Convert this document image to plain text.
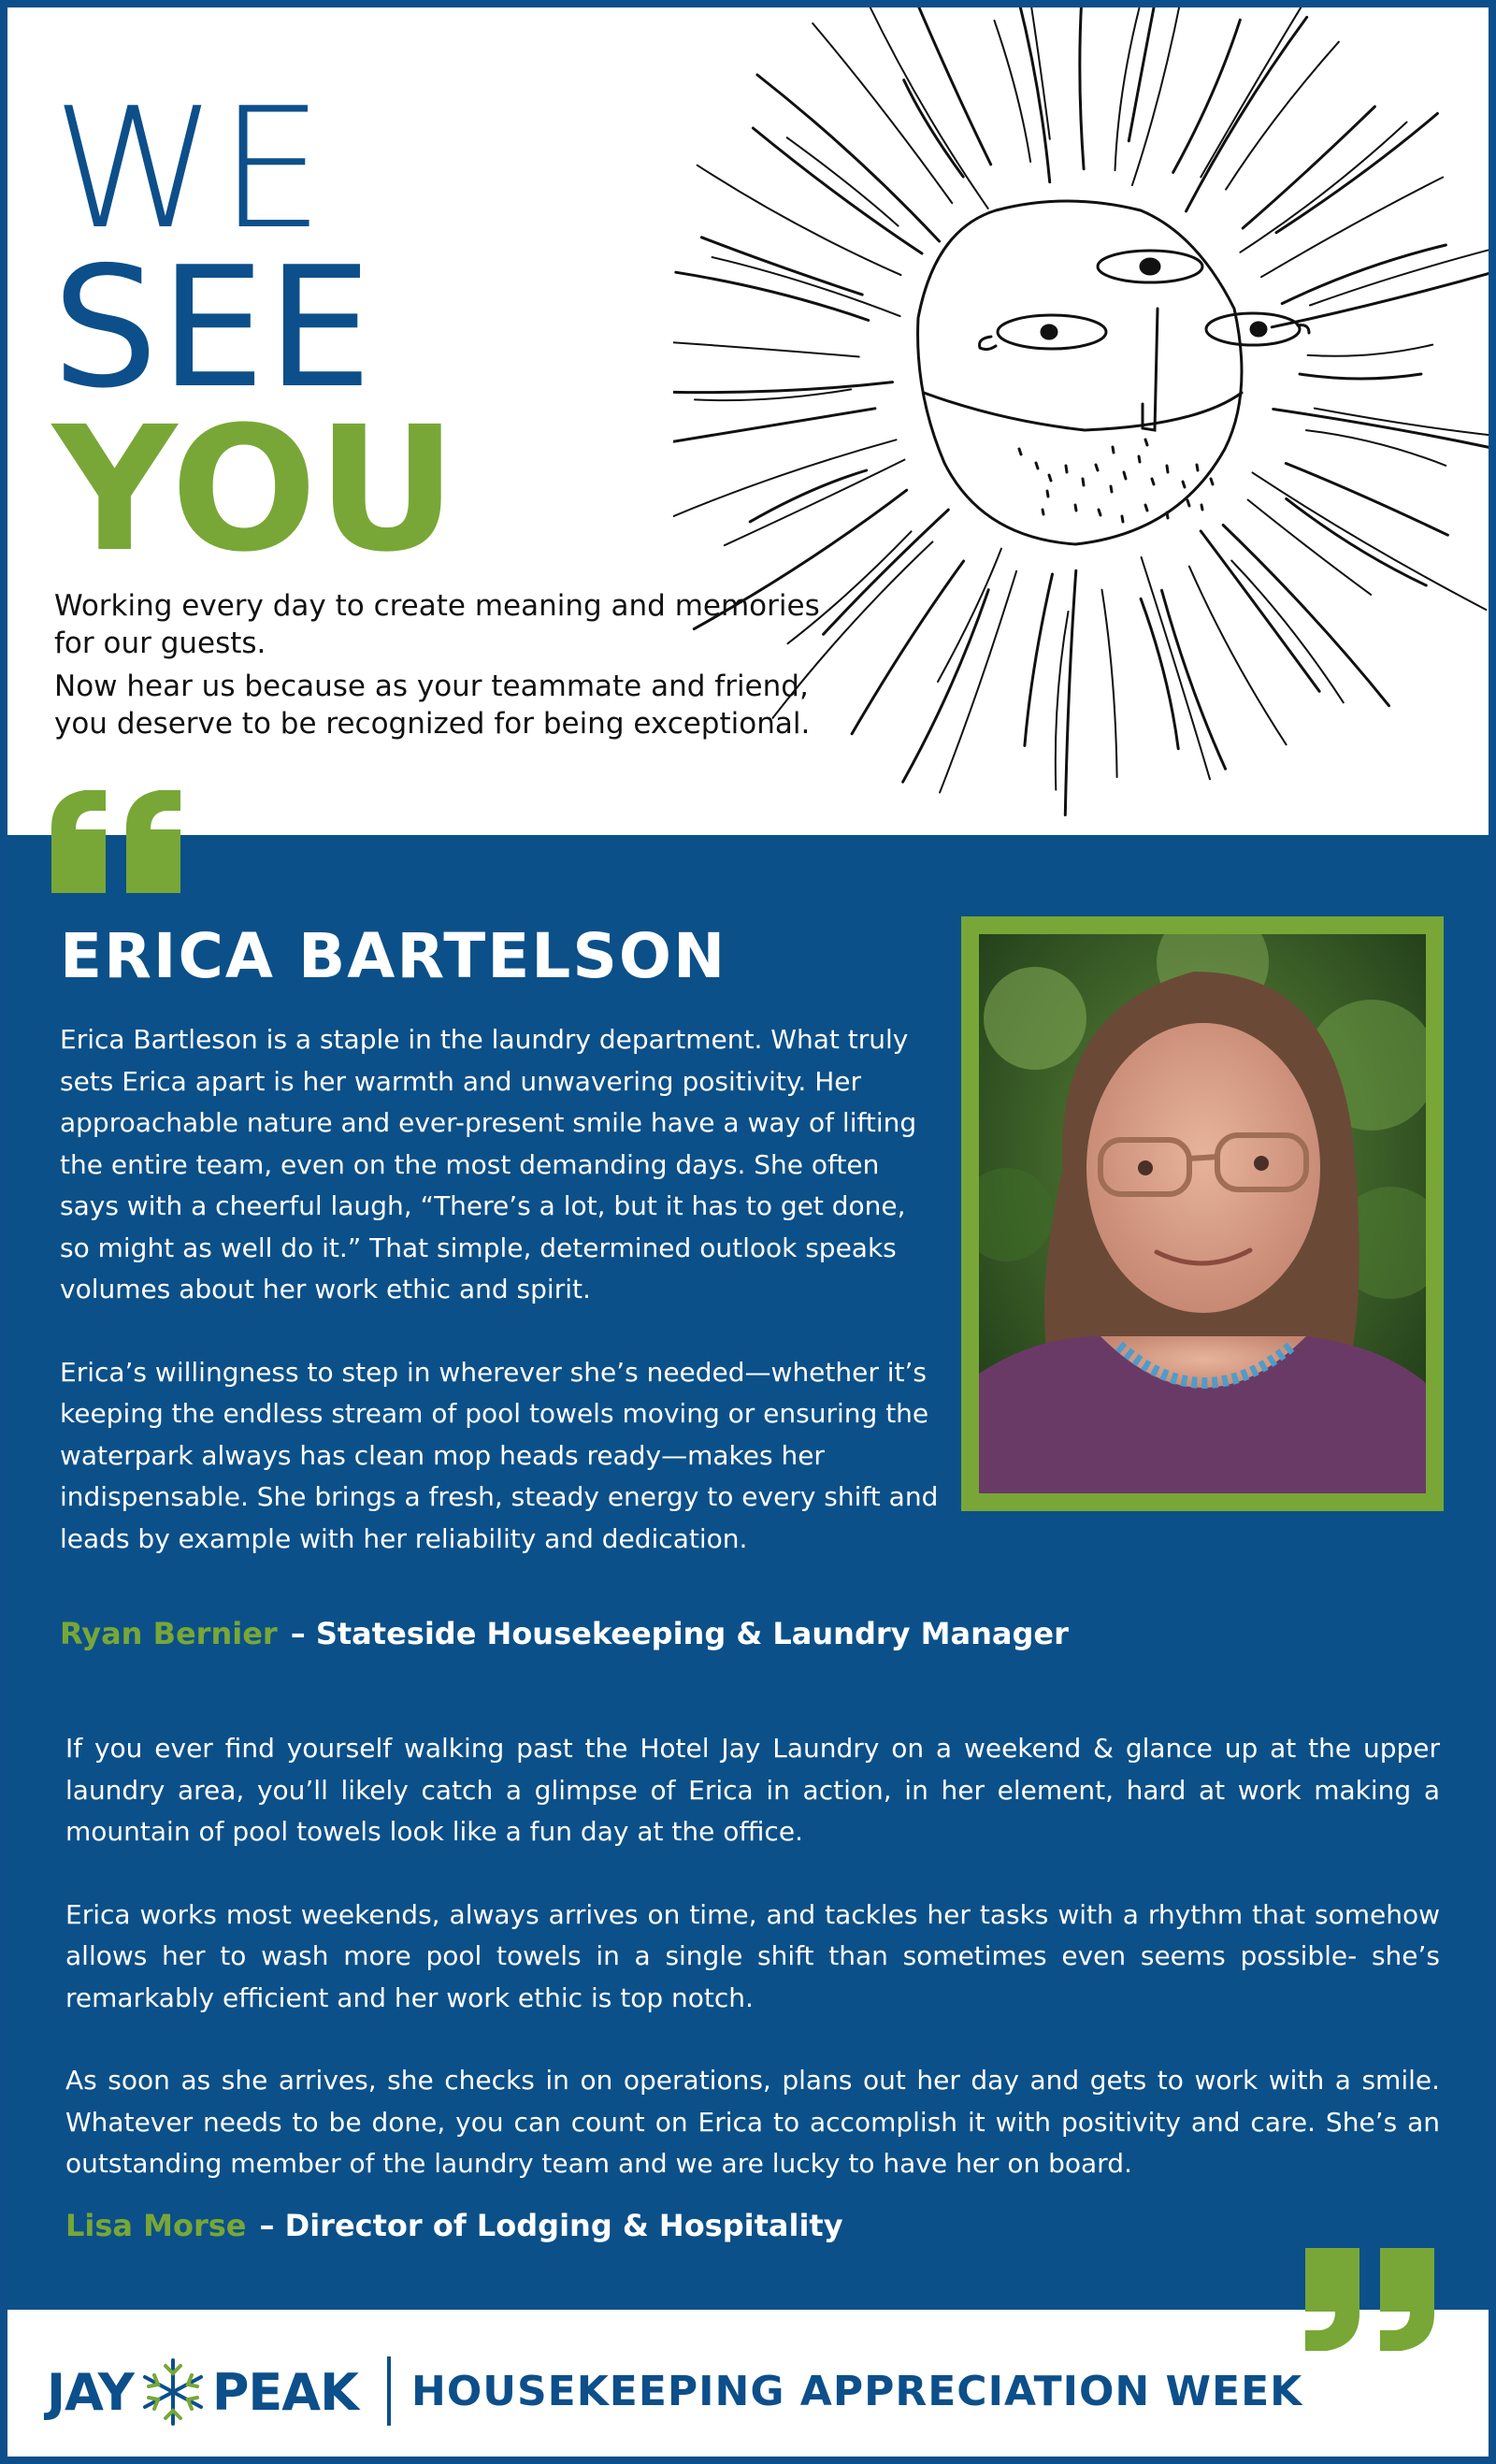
WE
SEE
YOU

Working every day to create meaning and memories for our guests.

Now hear us because as your teammate and friend, you deserve to be recognized for being exceptional.

ERICA BARTELSON

Erica Bartleson is a staple in the laundry department. What truly sets Erica apart is her warmth and unwavering positivity. Her approachable nature and ever-present smile have a way of lifting the entire team, even on the most demanding days. She often says with a cheerful laugh, “There’s a lot, but it has to get done, so might as well do it.” That simple, determined outlook speaks volumes about her work ethic and spirit.

Erica’s willingness to step in wherever she’s needed—whether it’s keeping the endless stream of pool towels moving or ensuring the waterpark always has clean mop heads ready—makes her indispensable. She brings a fresh, steady energy to every shift and leads by example with her reliability and dedication.

Ryan Bernier – Stateside Housekeeping & Laundry Manager

If you ever find yourself walking past the Hotel Jay Laundry on a weekend & glance up at the upper laundry area, you’ll likely catch a glimpse of Erica in action, in her element, hard at work making a mountain of pool towels look like a fun day at the office.

Erica works most weekends, always arrives on time, and tackles her tasks with a rhythm that somehow allows her to wash more pool towels in a single shift than sometimes even seems possible- she’s remarkably efficient and her work ethic is top notch.

As soon as she arrives, she checks in on operations, plans out her day and gets to work with a smile. Whatever needs to be done, you can count on Erica to accomplish it with positivity and care. She’s an outstanding member of the laundry team and we are lucky to have her on board.

Lisa Morse – Director of Lodging & Hospitality
JAY PEAK HOUSEKEEPING APPRECIATION WEEK
